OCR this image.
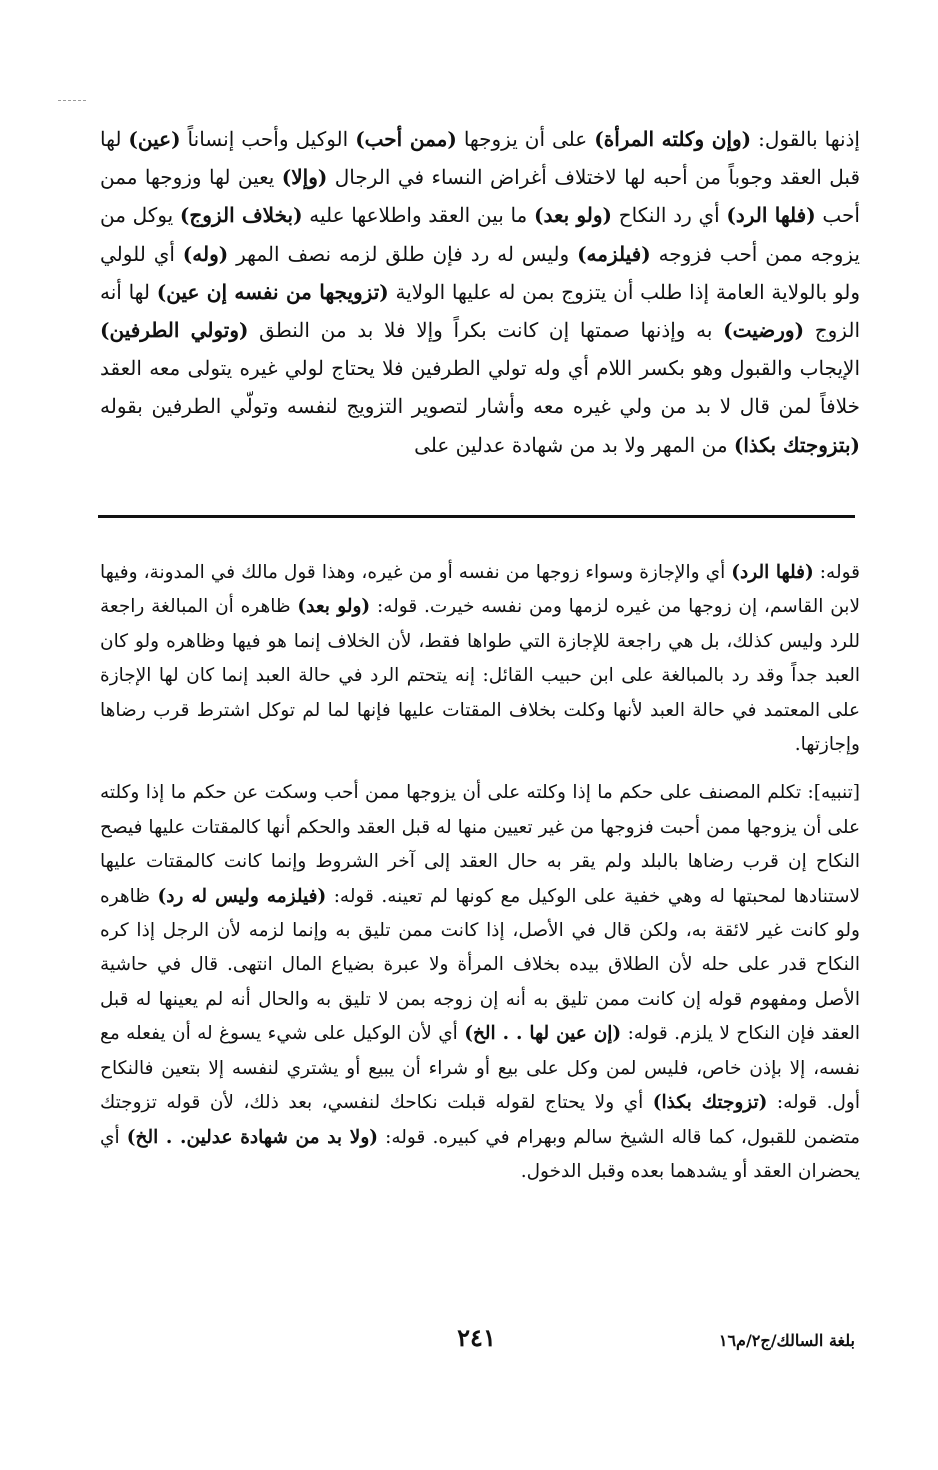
إذنها بالقول: (وإن وكلته المرأة) على أن يزوجها (ممن أحب) الوكيل وأحب إنساناً (عين) لها قبل العقد وجوباً من أحبه لها لاختلاف أغراض النساء في الرجال (وإلا) يعين لها وزوجها ممن أحب (فلها الرد) أي رد النكاح (ولو بعد) ما بين العقد واطلاعها عليه (بخلاف الزوج) يوكل من يزوجه ممن أحب فزوجه (فيلزمه) وليس له رد فإن طلق لزمه نصف المهر (وله) أي للولي ولو بالولاية العامة إذا طلب أن يتزوج بمن له عليها الولاية (تزويجها من نفسه إن عين) لها أنه الزوج (ورضيت) به وإذنها صمتها إن كانت بكراً وإلا فلا بد من النطق (وتولي الطرفين) الإيجاب والقبول وهو بكسر اللام أي وله تولي الطرفين فلا يحتاج لولي غيره يتولى معه العقد خلافاً لمن قال لا بد من ولي غيره معه وأشار لتصوير التزويج لنفسه وتولّي الطرفين بقوله (بتزوجتك بكذا) من المهر ولا بد من شهادة عدلين على

قوله: (فلها الرد) أي والإجازة وسواء زوجها من نفسه أو من غيره، وهذا قول مالك في المدونة، وفيها لابن القاسم، إن زوجها من غيره لزمها ومن نفسه خيرت. قوله: (ولو بعد) ظاهره أن المبالغة راجعة للرد وليس كذلك، بل هي راجعة للإجازة التي طواها فقط، لأن الخلاف إنما هو فيها وظاهره ولو كان العبد جداً وقد رد بالمبالغة على ابن حبيب القائل: إنه يتحتم الرد في حالة العبد إنما كان لها الإجازة على المعتمد في حالة العبد لأنها وكلت بخلاف المقتات عليها فإنها لما لم توكل اشترط قرب رضاها وإجازتها.

[تنبيه]: تكلم المصنف على حكم ما إذا وكلته على أن يزوجها ممن أحب وسكت عن حكم ما إذا وكلته على أن يزوجها ممن أحبت فزوجها من غير تعيين منها له قبل العقد والحكم أنها كالمقتات عليها فيصح النكاح إن قرب رضاها بالبلد ولم يقر به حال العقد إلى آخر الشروط وإنما كانت كالمقتات عليها لاستنادها لمحبتها له وهي خفية على الوكيل مع كونها لم تعينه. قوله: (فيلزمه وليس له رد) ظاهره ولو كانت غير لائقة به، ولكن قال في الأصل، إذا كانت ممن تليق به وإنما لزمه لأن الرجل إذا كره النكاح قدر على حله لأن الطلاق بيده بخلاف المرأة ولا عبرة بضياع المال انتهى. قال في حاشية الأصل ومفهوم قوله إن كانت ممن تليق به أنه إن زوجه بمن لا تليق به والحال أنه لم يعينها له قبل العقد فإن النكاح لا يلزم. قوله: (إن عين لها . . الخ) أي لأن الوكيل على شيء يسوغ له أن يفعله مع نفسه، إلا بإذن خاص، فليس لمن وكل على بيع أو شراء أن يبيع أو يشتري لنفسه إلا بتعين فالنكاح أول. قوله: (تزوجتك بكذا) أي ولا يحتاج لقوله قبلت نكاحك لنفسي، بعد ذلك، لأن قوله تزوجتك متضمن للقبول، كما قاله الشيخ سالم وبهرام في كبيره. قوله: (ولا بد من شهادة عدلين. . الخ) أي يحضران العقد أو يشدهما بعده وقبل الدخول.

بلغة السالك/ج٢/م١٦
٢٤١
